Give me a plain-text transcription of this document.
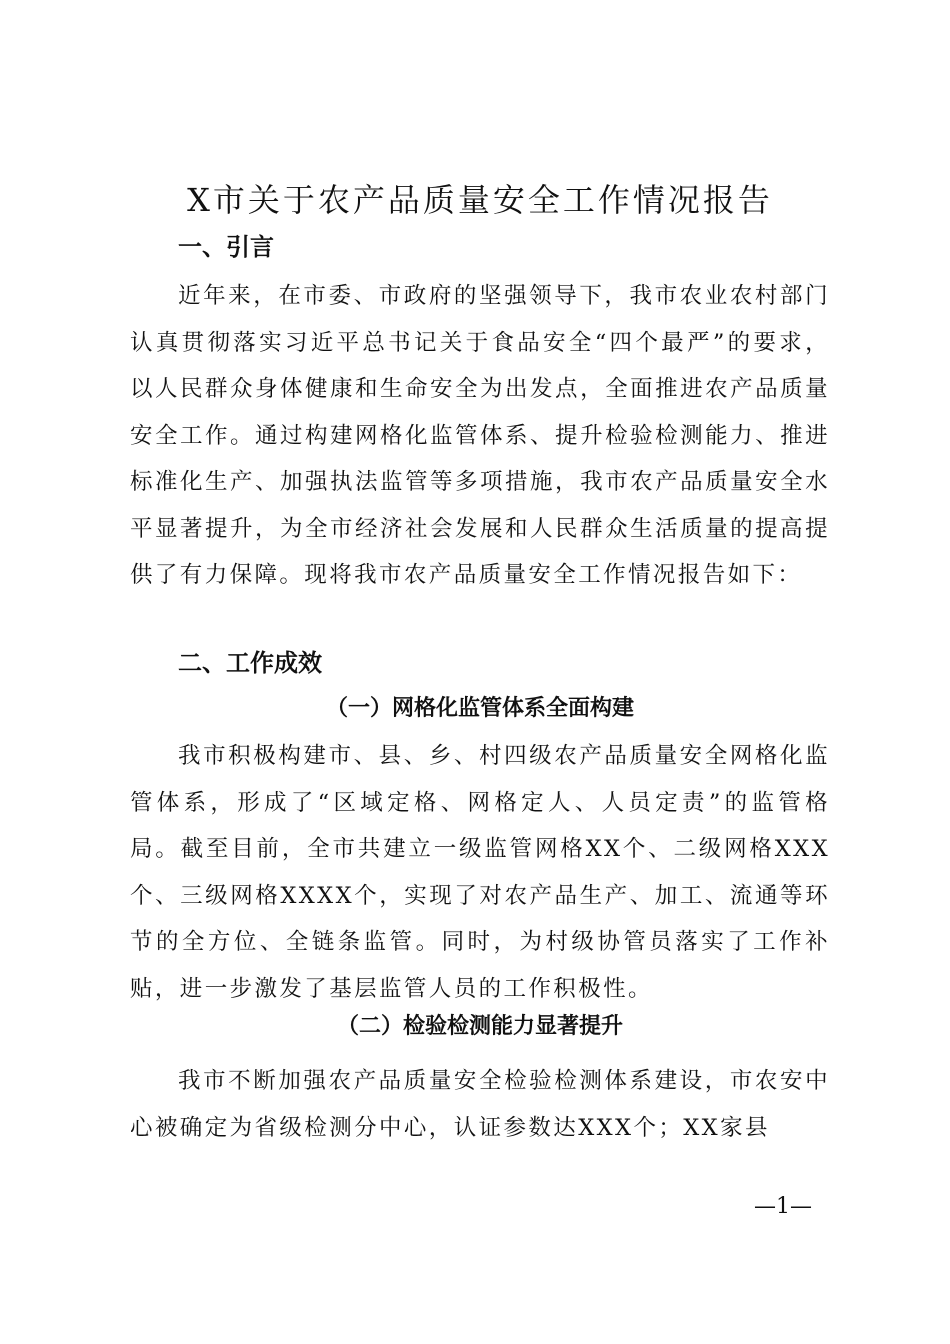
X市关于农产品质量安全工作情况报告
一、引言

近年来，在市委、市政府的坚强领导下，我市农业农村部门认真贯彻落实习近平总书记关于食品安全“四个最严”的要求，以人民群众身体健康和生命安全为出发点，全面推进农产品质量安全工作。通过构建网格化监管体系、提升检验检测能力、推进标准化生产、加强执法监管等多项措施，我市农产品质量安全水平显著提升，为全市经济社会发展和人民群众生活质量的提高提供了有力保障。现将我市农产品质量安全工作情况报告如下：

二、工作成效
（一）网格化监管体系全面构建

我市积极构建市、县、乡、村四级农产品质量安全网格化监管体系，形成了“区域定格、网格定人、人员定责”的监管格局。截至目前，全市共建立一级监管网格XX个、二级网格XXX个、三级网格XXXX个，实现了对农产品生产、加工、流通等环节的全方位、全链条监管。同时，为村级协管员落实了工作补贴，进一步激发了基层监管人员的工作积极性。

（二）检验检测能力显著提升

我市不断加强农产品质量安全检验检测体系建设，市农安中心被确定为省级检测分中心，认证参数达XXX个；XX家县

—1—
